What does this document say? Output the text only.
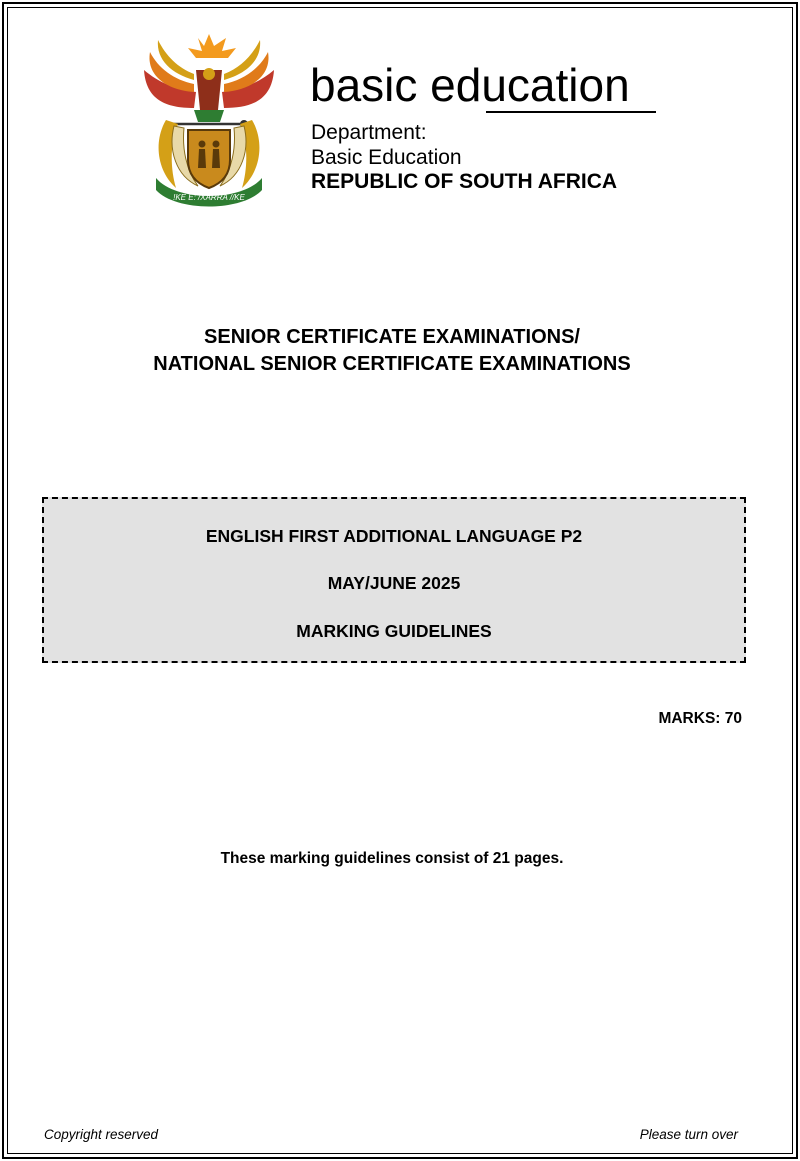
!KE E: /XARRA //KE
basic education
Department:
Basic Education
REPUBLIC OF SOUTH AFRICA
SENIOR CERTIFICATE EXAMINATIONS/
NATIONAL SENIOR CERTIFICATE EXAMINATIONS
ENGLISH FIRST ADDITIONAL LANGUAGE P2
MAY/JUNE 2025
MARKING GUIDELINES
MARKS: 70
These marking guidelines consist of 21 pages.
Copyright reserved	Please turn over
